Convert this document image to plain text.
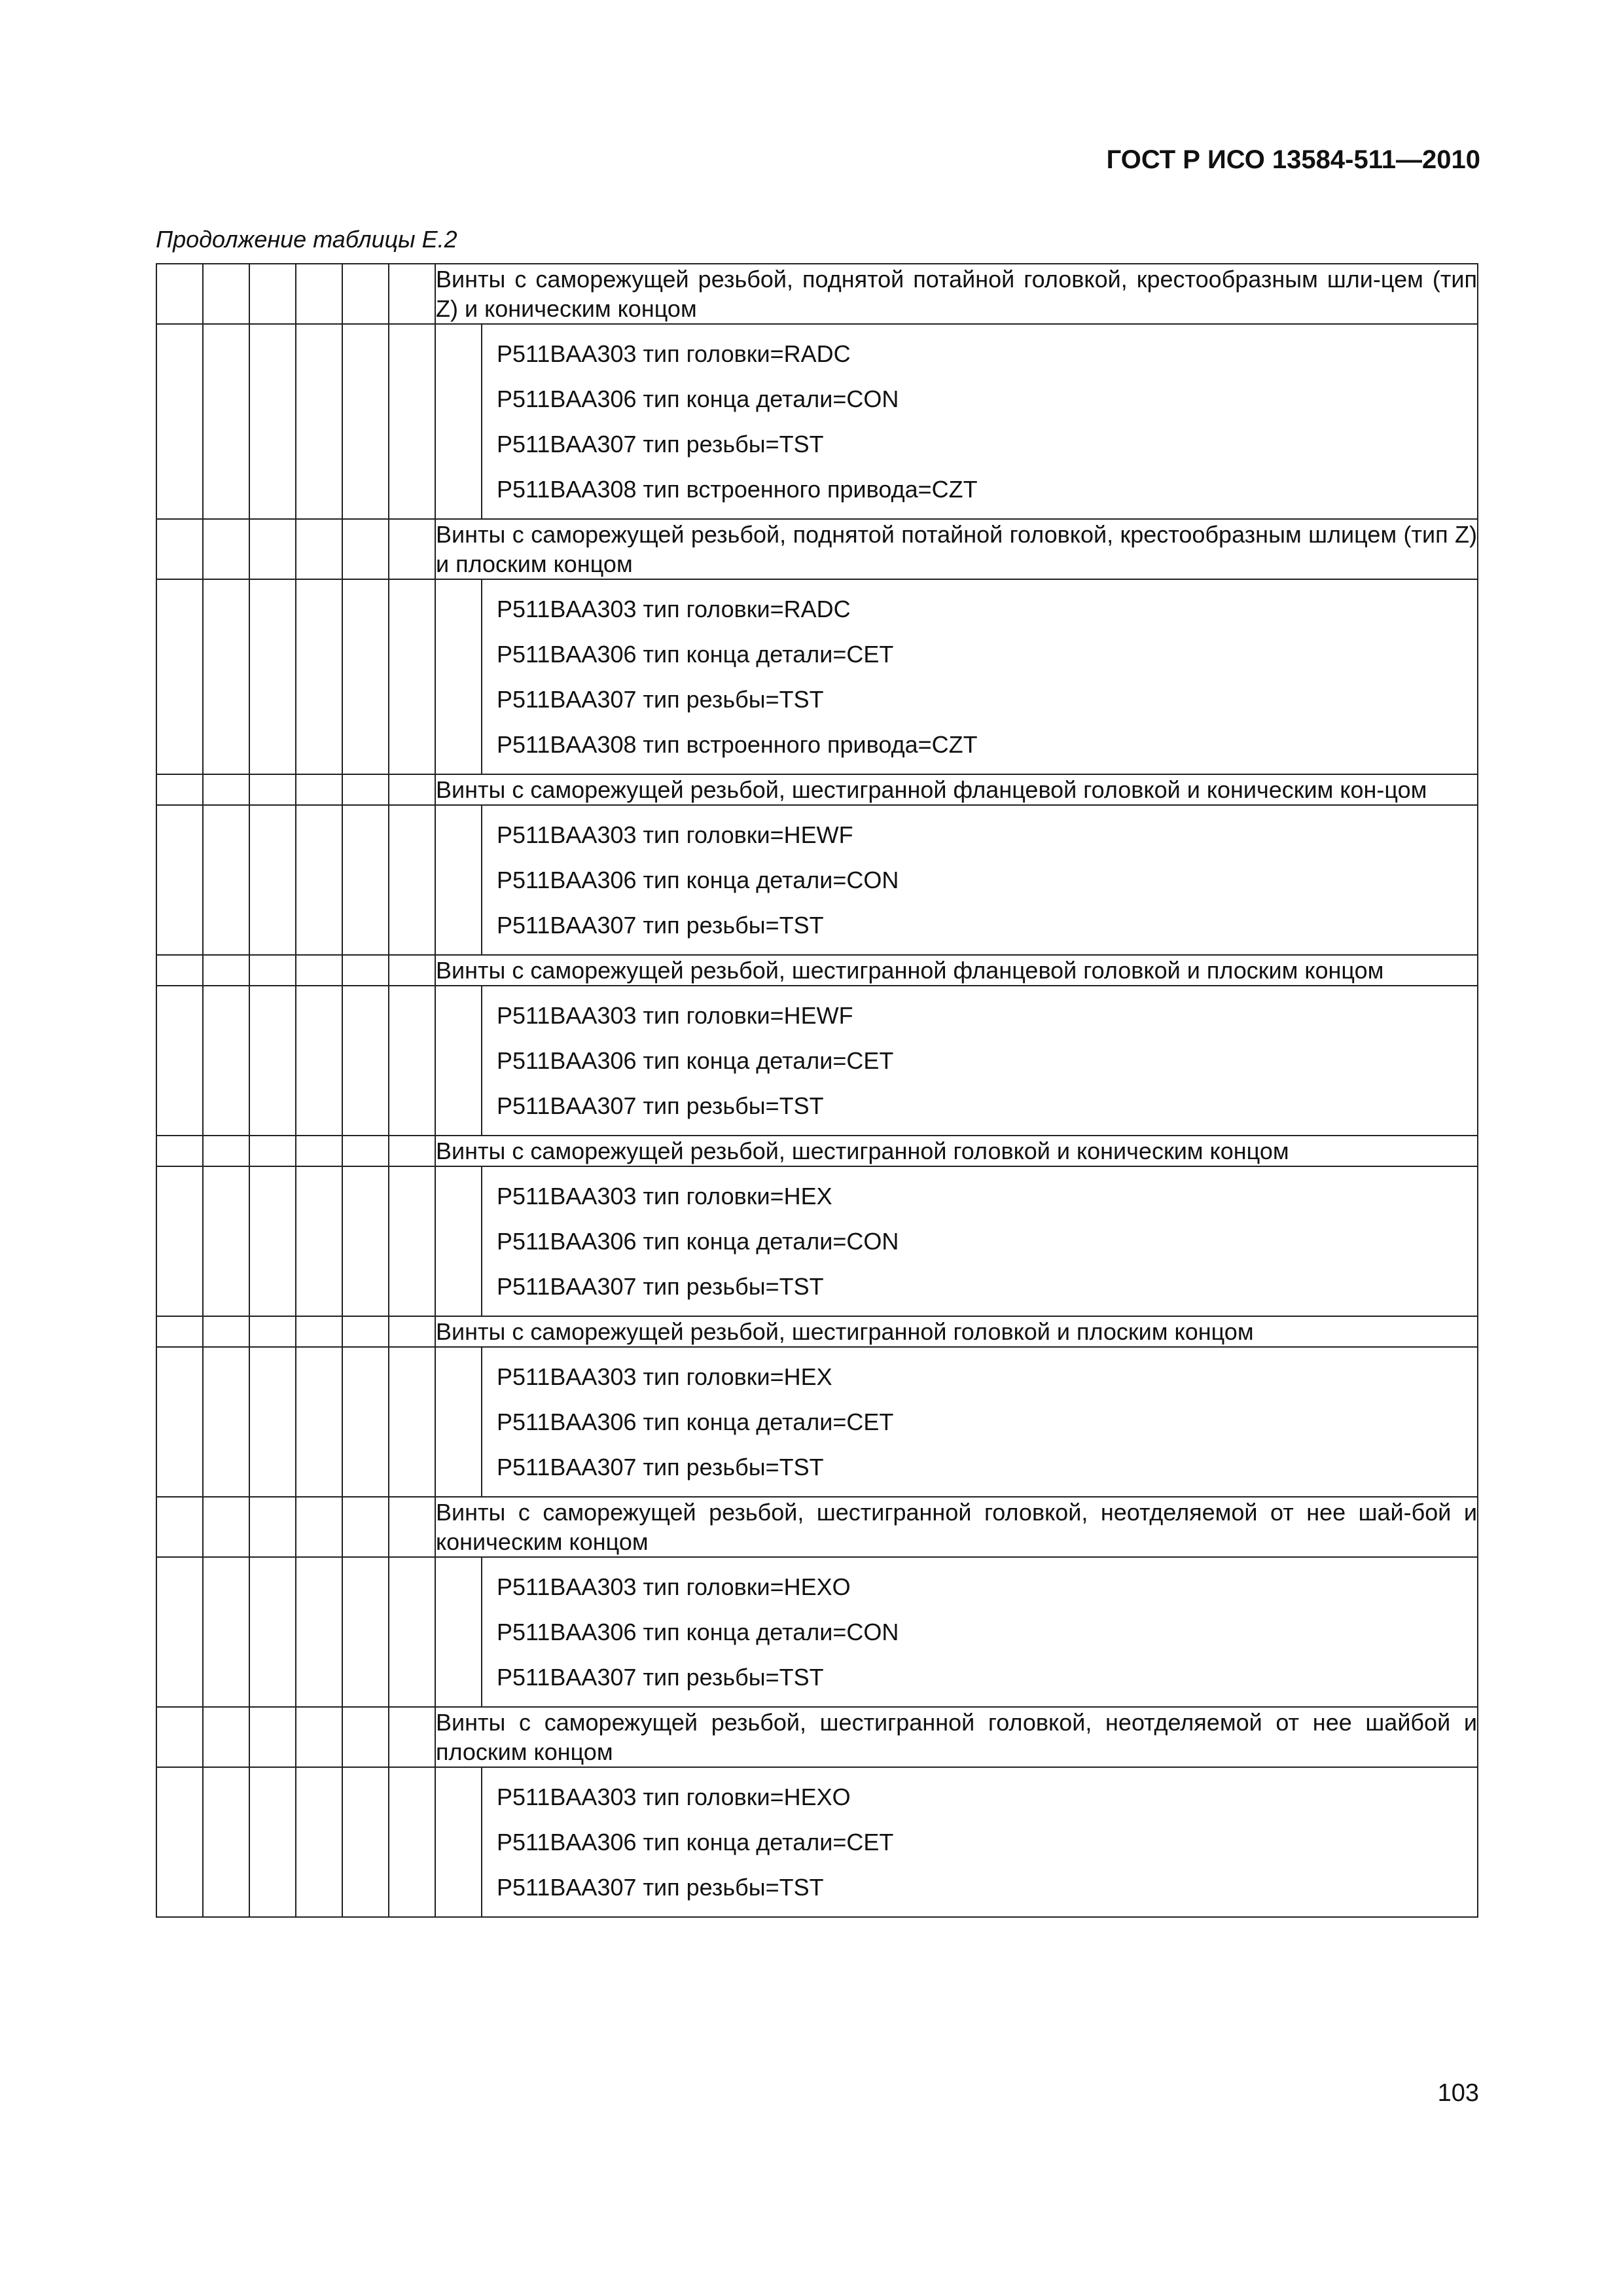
ГОСТ Р ИСО 13584-511—2010
Продолжение таблицы Е.2
						Винты с саморежущей резьбой, поднятой потайной головкой, крестообразным шли-цем (тип Z) и коническим концом

P511BAA303 тип головки=RADC
P511BAA306 тип конца детали=CON
P511BAA307 тип резьбы=TST
P511BAA308 тип встроенного привода=CZT

						Винты с саморежущей резьбой, поднятой потайной головкой, крестообразным шлицем (тип Z) и плоским концом

P511BAA303 тип головки=RADC
P511BAA306 тип конца детали=CET
P511BAA307 тип резьбы=TST
P511BAA308 тип встроенного привода=CZT

						Винты с саморежущей резьбой, шестигранной фланцевой головкой и коническим кон-цом

P511BAA303 тип головки=HEWF
P511BAA306 тип конца детали=CON
P511BAA307 тип резьбы=TST

						Винты с саморежущей резьбой, шестигранной фланцевой головкой и плоским концом

P511BAA303 тип головки=HEWF
P511BAA306 тип конца детали=CET
P511BAA307 тип резьбы=TST

						Винты с саморежущей резьбой, шестигранной головкой и коническим концом

P511BAA303 тип головки=HEX
P511BAA306 тип конца детали=CON
P511BAA307 тип резьбы=TST

						Винты с саморежущей резьбой, шестигранной головкой и плоским концом

P511BAA303 тип головки=HEX
P511BAA306 тип конца детали=CET
P511BAA307 тип резьбы=TST

						Винты с саморежущей резьбой, шестигранной головкой, неотделяемой от нее шай-бой и коническим концом

P511BAA303 тип головки=HEXO
P511BAA306 тип конца детали=CON
P511BAA307 тип резьбы=TST

						Винты с саморежущей резьбой, шестигранной головкой, неотделяемой от нее шайбой и плоским концом

P511BAA303 тип головки=HEXO
P511BAA306 тип конца детали=CET
P511BAA307 тип резьбы=TST
103
